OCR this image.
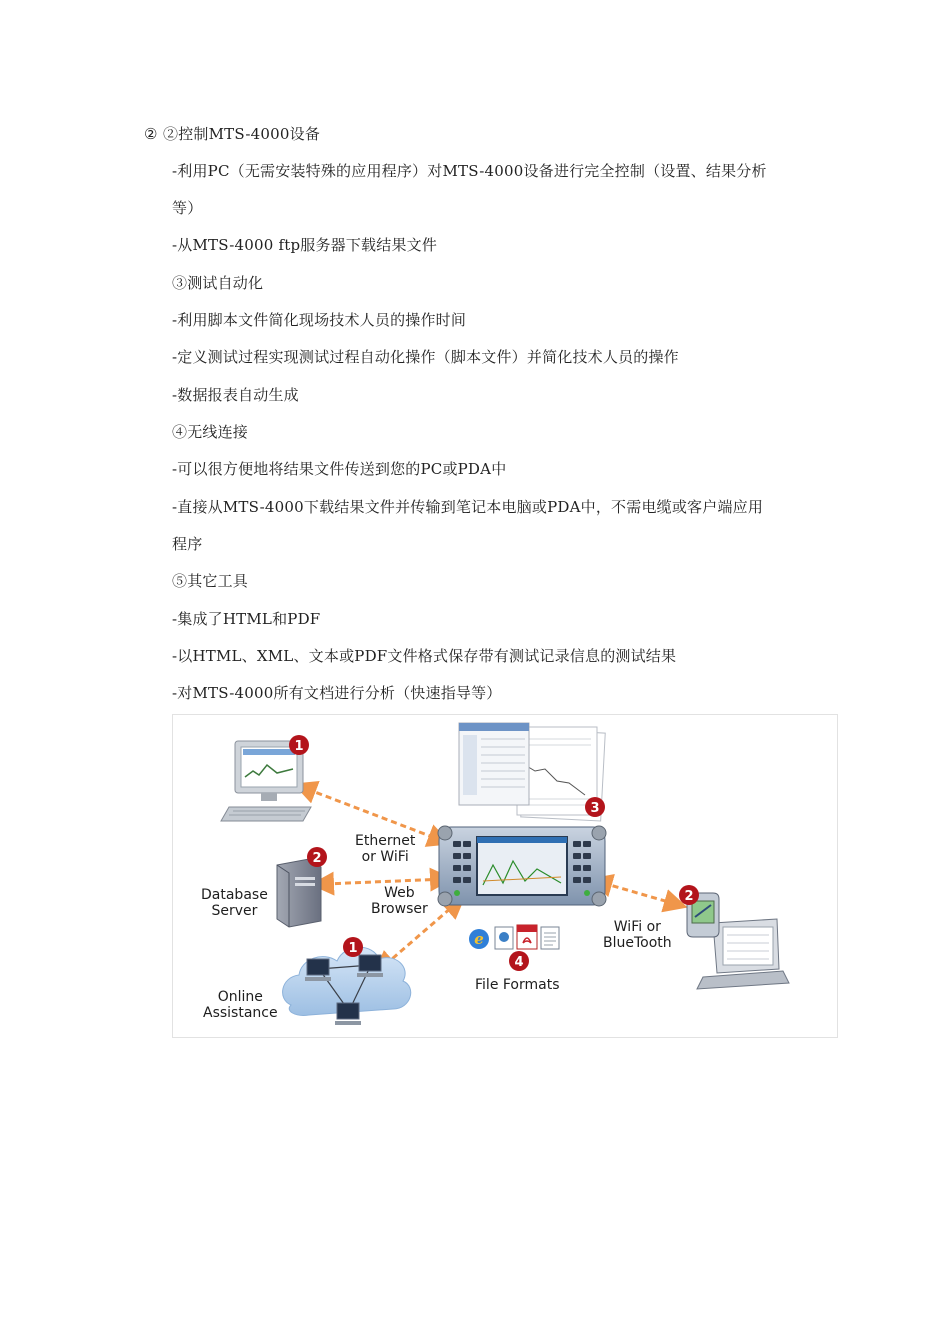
② ②控制MTS-4000设备
-利用PC（无需安装特殊的应用程序）对MTS-4000设备进行完全控制（设置、结果分析
等）
-从MTS-4000 ftp服务器下载结果文件
③测试自动化
-利用脚本文件简化现场技术人员的操作时间
-定义测试过程实现测试过程自动化操作（脚本文件）并简化技术人员的操作
-数据报表自动生成
④无线连接
-可以很方便地将结果文件传送到您的PC或PDA中
-直接从MTS-4000下载结果文件并传输到笔记本电脑或PDA中，不需电缆或客户端应用
程序
⑤其它工具
-集成了HTML和PDF
-以HTML、XML、文本或PDF文件格式保存带有测试记录信息的测试结果
-对MTS-4000所有文档进行分析（快速指导等）
e
1
2
3
4
2
1
Ethernet
or WiFi
Web
Browser
Database
Server
Online
Assistance
WiFi or
BlueTooth
File Formats
